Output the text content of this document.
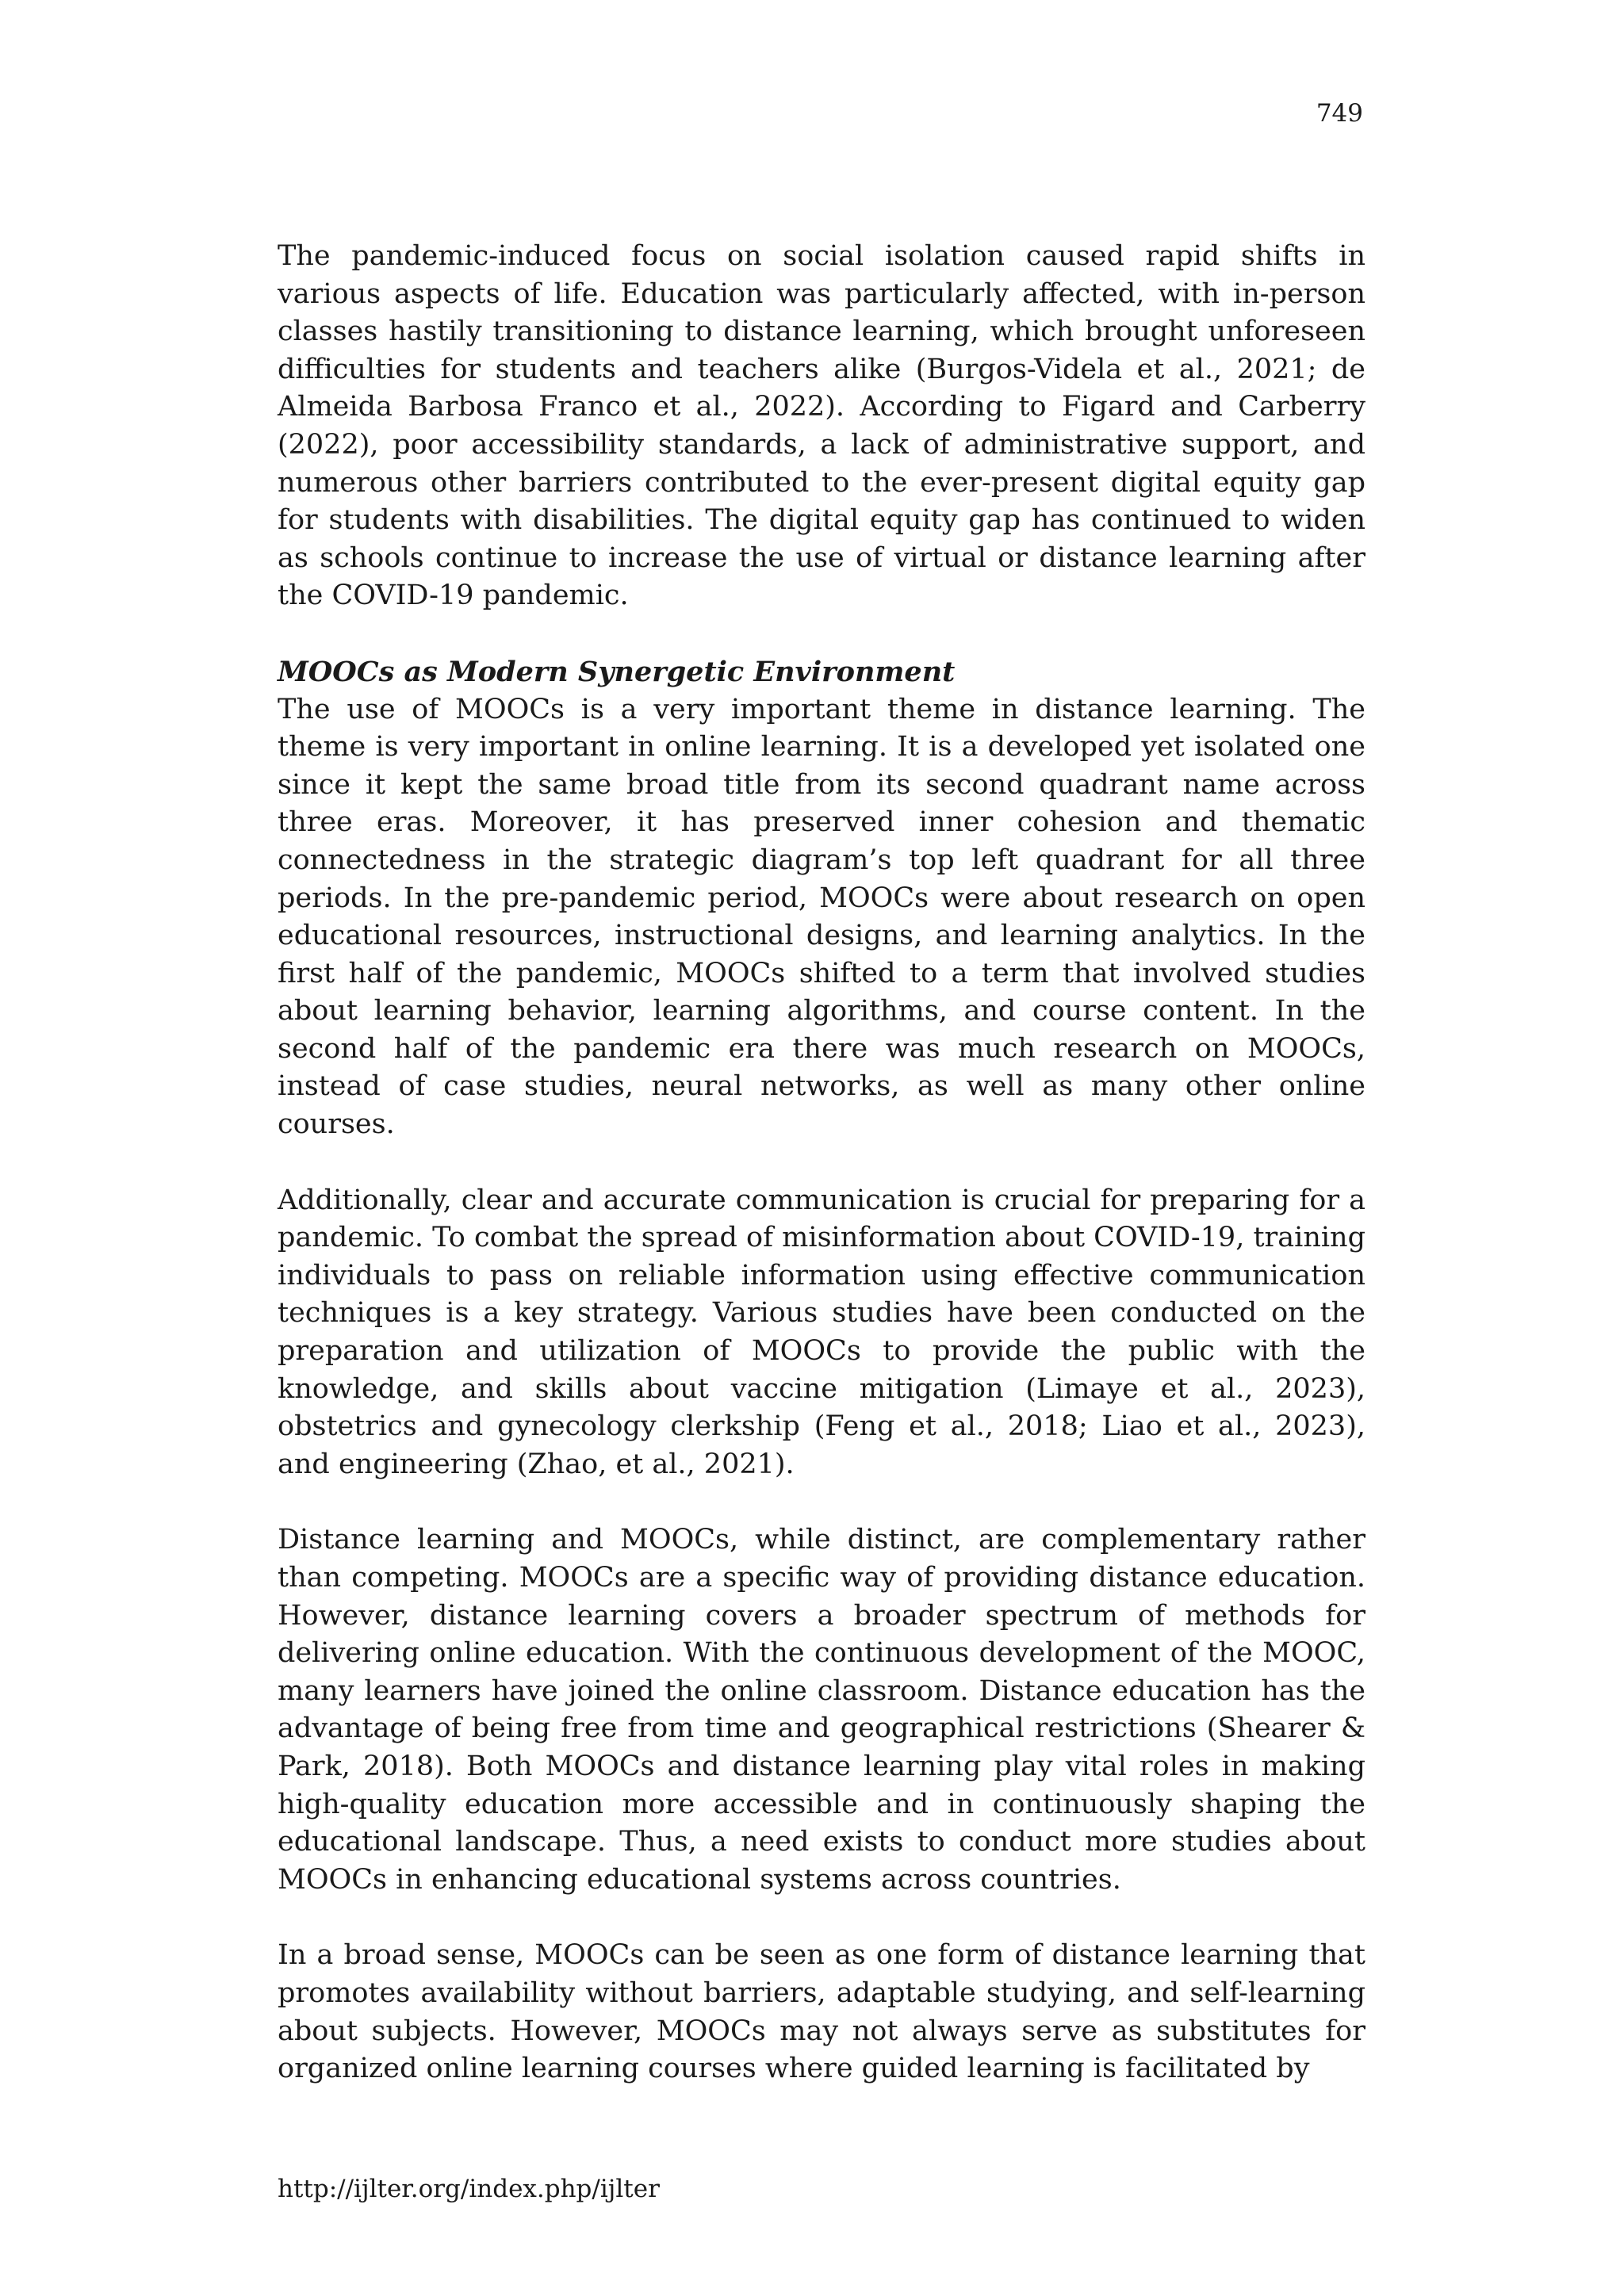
749

The pandemic-induced focus on social isolation caused rapid shifts in various aspects of life. Education was particularly affected, with in-person classes hastily transitioning to distance learning, which brought unforeseen difficulties for students and teachers alike (Burgos-Videla et al., 2021; de Almeida Barbosa Franco et al., 2022). According to Figard and Carberry (2022), poor accessibility standards, a lack of administrative support, and numerous other barriers contributed to the ever-present digital equity gap for students with disabilities. The digital equity gap has continued to widen as schools continue to increase the use of virtual or distance learning after the COVID-19 pandemic.

MOOCs as Modern Synergetic Environment

The use of MOOCs is a very important theme in distance learning. The theme is very important in online learning. It is a developed yet isolated one since it kept the same broad title from its second quadrant name across three eras. Moreover, it has preserved inner cohesion and thematic connectedness in the strategic diagram’s top left quadrant for all three periods. In the pre-pandemic period, MOOCs were about research on open educational resources, instructional designs, and learning analytics. In the first half of the pandemic, MOOCs shifted to a term that involved studies about learning behavior, learning algorithms, and course content. In the second half of the pandemic era there was much research on MOOCs, instead of case studies, neural networks, as well as many other online courses.

Additionally, clear and accurate communication is crucial for preparing for a pandemic. To combat the spread of misinformation about COVID-19, training individuals to pass on reliable information using effective communication techniques is a key strategy. Various studies have been conducted on the preparation and utilization of MOOCs to provide the public with the knowledge, and skills about vaccine mitigation (Limaye et al., 2023), obstetrics and gynecology clerkship (Feng et al., 2018; Liao et al., 2023), and engineering (Zhao, et al., 2021).

Distance learning and MOOCs, while distinct, are complementary rather than competing. MOOCs are a specific way of providing distance education. However, distance learning covers a broader spectrum of methods for delivering online education. With the continuous development of the MOOC, many learners have joined the online classroom. Distance education has the advantage of being free from time and geographical restrictions (Shearer & Park, 2018). Both MOOCs and distance learning play vital roles in making high-quality education more accessible and in continuously shaping the educational landscape. Thus, a need exists to conduct more studies about MOOCs in enhancing educational systems across countries.

In a broad sense, MOOCs can be seen as one form of distance learning that promotes availability without barriers, adaptable studying, and self-learning about subjects. However, MOOCs may not always serve as substitutes for organized online learning courses where guided learning is facilitated by

http://ijlter.org/index.php/ijlter
